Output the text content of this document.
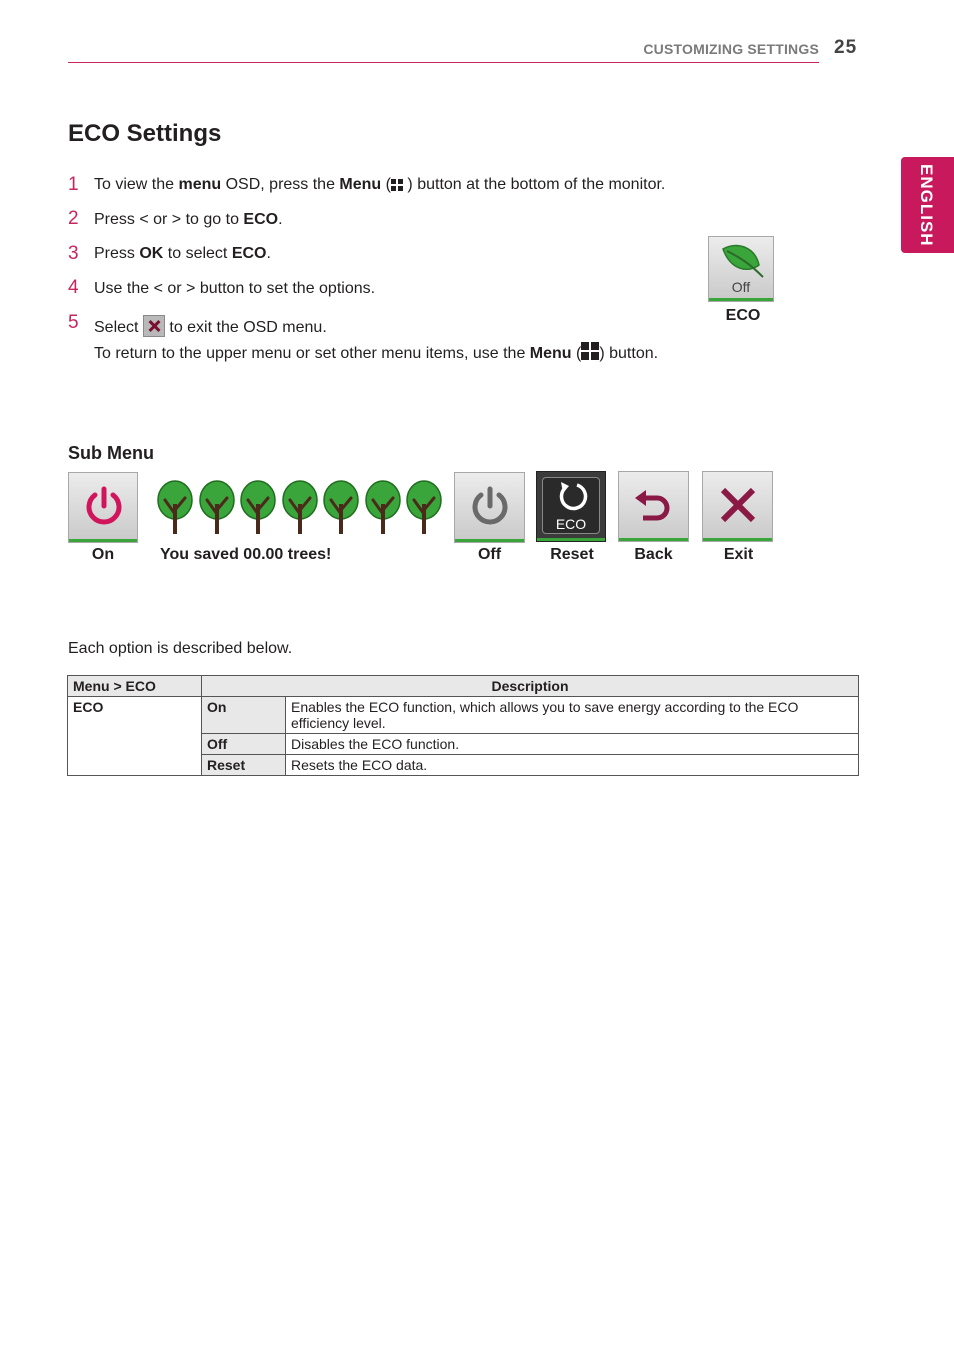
CUSTOMIZING SETTINGS 25
ENGLISH
ECO Settings
1 To view the menu OSD, press the Menu ( ) button at the bottom of the monitor.
2 Press < or > to go to ECO.
3 Press OK to select ECO.
4 Use the < or > button to set the options.
5 Select  to exit the OSD menu.
To return to the upper menu or set other menu items, use the Menu ( ) button.
Off
ECO
Sub Menu
On	You saved 00.00 trees!	Off
ECO
Reset	Back	Exit
Each option is described below.
Menu > ECO	Description	
ECO	On	Enables the ECO function, which allows you to save energy according to the ECO efficiency level.
	Off	Disables the ECO function.
	Reset	Resets the ECO data.
